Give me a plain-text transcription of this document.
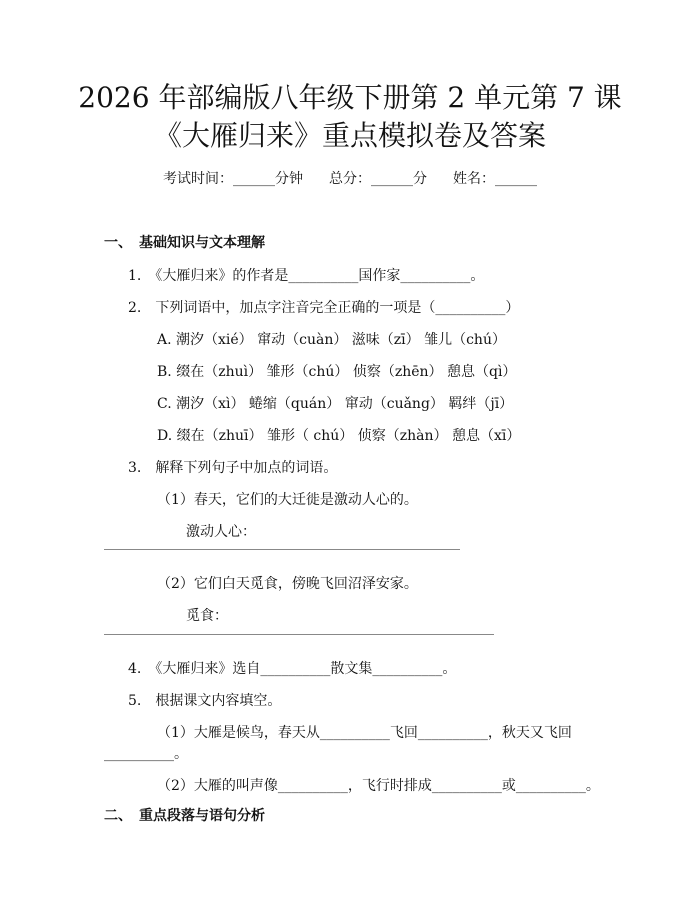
2026 年部编版八年级下册第 2 单元第 7 课
《大雁归来》重点模拟卷及答案
考试时间：______分钟 总分：______分 姓名：______
一、　基础知识与文本理解
1.　《大雁归来》的作者是__________国作家__________。
2.　下列词语中，加点字注音完全正确的一项是（__________）
A. 潮汐（xié） 窜动（cuàn） 滋味（zī） 雏儿（chú）
B. 缀在（zhuì） 雏形（chú） 侦察（zhēn） 憩息（qì）
C. 潮汐（xì） 蜷缩（quán） 窜动（cuǎng） 羁绊（jī）
D. 缀在（zhuī） 雏形（ chú） 侦察（zhàn） 憩息（xī）
3.　解释下列句子中加点的词语。
（1）春天，它们的大迁徙是激动人心的。
激动人心：
（2）它们白天觅食，傍晚飞回沼泽安家。
觅食：
4.　《大雁归来》选自__________散文集__________。
5.　根据课文内容填空。
（1）大雁是候鸟，春天从__________飞回__________，秋天又飞回
__________。
（2）大雁的叫声像__________，飞行时排成__________或__________。
二、　重点段落与语句分析
